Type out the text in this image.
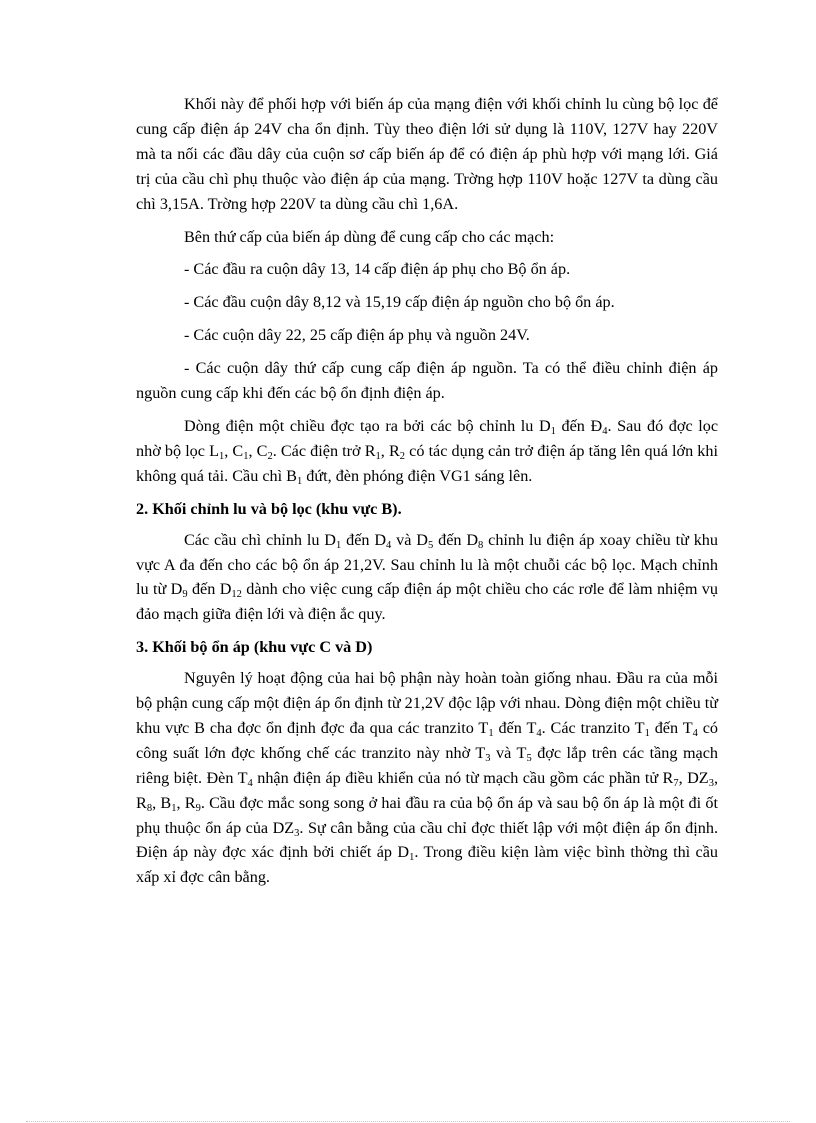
Khối này để phối hợp với biến áp của mạng điện với khối chỉnh lu cùng bộ lọc để cung cấp điện áp 24V cha ổn định. Tùy theo điện lới sử dụng là 110V, 127V hay 220V mà ta nối các đầu dây của cuộn sơ cấp biến áp để có điện áp phù hợp với mạng lới. Giá trị của cầu chì phụ thuộc vào điện áp của mạng. Trờng hợp 110V hoặc 127V ta dùng cầu chì 3,15A. Trờng hợp 220V ta dùng cầu chì 1,6A.

Bên thứ cấp của biến áp dùng để cung cấp cho các mạch:

- Các đầu ra cuộn dây 13, 14 cấp điện áp phụ cho Bộ ổn áp.

- Các đầu cuộn dây 8,12 và 15,19 cấp điện áp nguồn cho bộ ổn áp.

- Các cuộn dây 22, 25 cấp điện áp phụ và nguồn 24V.

- Các cuộn dây thứ cấp cung cấp điện áp nguồn. Ta có thể điều chỉnh điện áp nguồn cung cấp khi đến các bộ ổn định điện áp.

Dòng điện một chiều đợc tạo ra bởi các bộ chỉnh lu $D_1$ đến $Đ_4$. Sau đó đợc lọc nhờ bộ lọc $L_1$, $C_1$, $C_2$. Các điện trở $R_1$, $R_2$ có tác dụng cản trở điện áp tăng lên quá lớn khi không quá tải. Cầu chì $B_1$ đứt, đèn phóng điện VG1 sáng lên.

2. Khối chỉnh lu và bộ lọc (khu vực B).

Các cầu chì chỉnh lu $D_1$ đến $D_4$ và $D_5$ đến $D_8$ chỉnh lu điện áp xoay chiều từ khu vực A đa đến cho các bộ ổn áp 21,2V. Sau chỉnh lu là một chuỗi các bộ lọc. Mạch chỉnh lu từ $D_9$ đến $D_{12}$ dành cho việc cung cấp điện áp một chiều cho các rơle để làm nhiệm vụ đảo mạch giữa điện lới và điện ắc quy.

3. Khối bộ ổn áp (khu vực C và D)

Nguyên lý hoạt động của hai bộ phận này hoàn toàn giống nhau. Đầu ra của mỗi bộ phận cung cấp một điện áp ổn định từ 21,2V độc lập với nhau. Dòng điện một chiều từ khu vực B cha đợc ổn định đợc đa qua các tranzito $T_1$ đến $T_4$. Các tranzito $T_1$ đến $T_4$ có công suất lớn đợc khống chế các tranzito này nhờ $T_3$ và $T_5$ đợc lắp trên các tầng mạch riêng biệt. Đèn $T_4$ nhận điện áp điều khiển của nó từ mạch cầu gồm các phần tử $R_7$, $DZ_3$, $R_8$, $B_1$, $R_9$. Cầu đợc mắc song song ở hai đầu ra của bộ ổn áp và sau bộ ổn áp là một đi ốt phụ thuộc ổn áp của $DZ_3$. Sự cân bằng của cầu chỉ đợc thiết lập với một điện áp ổn định. Điện áp này đợc xác định bởi chiết áp $D_1$. Trong điều kiện làm việc bình thờng thì cầu xấp xỉ đợc cân bằng.
